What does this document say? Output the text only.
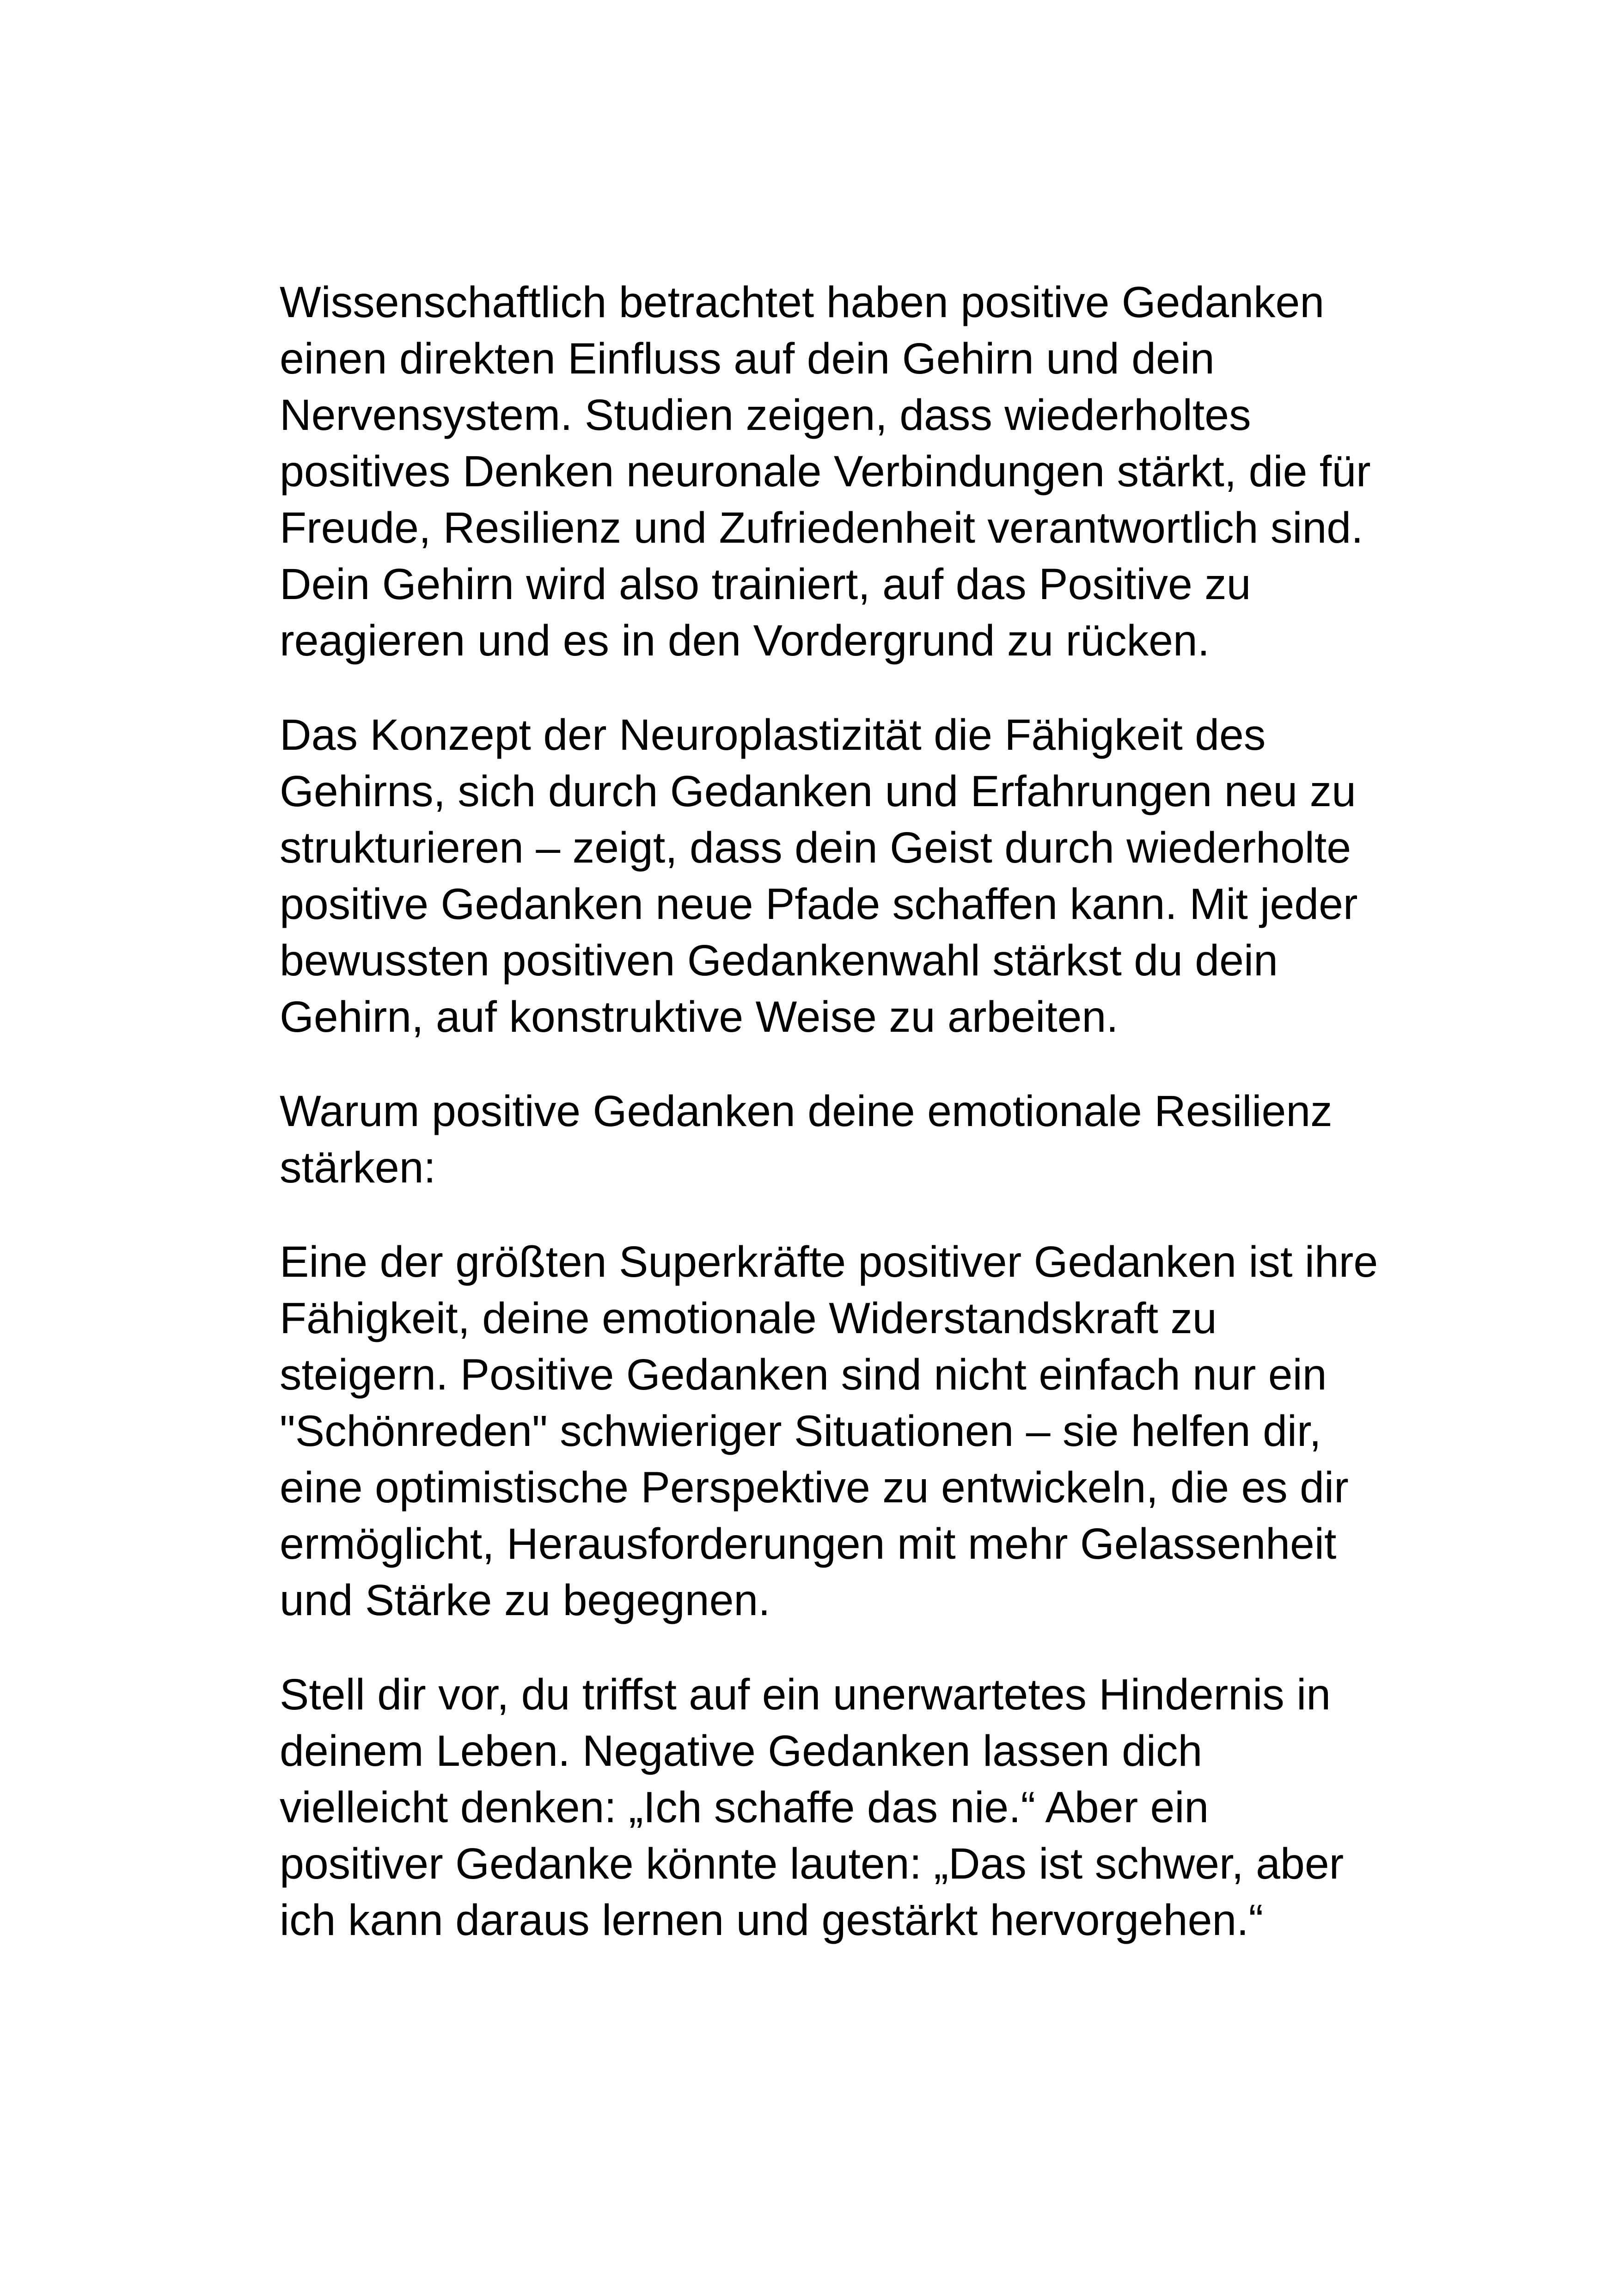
Wissenschaftlich betrachtet haben positive Gedanken
einen direkten Einfluss auf dein Gehirn und dein
Nervensystem. Studien zeigen, dass wiederholtes
positives Denken neuronale Verbindungen stärkt, die für
Freude, Resilienz und Zufriedenheit verantwortlich sind.
Dein Gehirn wird also trainiert, auf das Positive zu
reagieren und es in den Vordergrund zu rücken.

Das Konzept der Neuroplastizität die Fähigkeit des
Gehirns, sich durch Gedanken und Erfahrungen neu zu
strukturieren – zeigt, dass dein Geist durch wiederholte
positive Gedanken neue Pfade schaffen kann. Mit jeder
bewussten positiven Gedankenwahl stärkst du dein
Gehirn, auf konstruktive Weise zu arbeiten.

Warum positive Gedanken deine emotionale Resilienz
stärken:

Eine der größten Superkräfte positiver Gedanken ist ihre
Fähigkeit, deine emotionale Widerstandskraft zu
steigern. Positive Gedanken sind nicht einfach nur ein
"Schönreden" schwieriger Situationen – sie helfen dir,
eine optimistische Perspektive zu entwickeln, die es dir
ermöglicht, Herausforderungen mit mehr Gelassenheit
und Stärke zu begegnen.

Stell dir vor, du triffst auf ein unerwartetes Hindernis in
deinem Leben. Negative Gedanken lassen dich
vielleicht denken: „Ich schaffe das nie.“ Aber ein
positiver Gedanke könnte lauten: „Das ist schwer, aber
ich kann daraus lernen und gestärkt hervorgehen.“
